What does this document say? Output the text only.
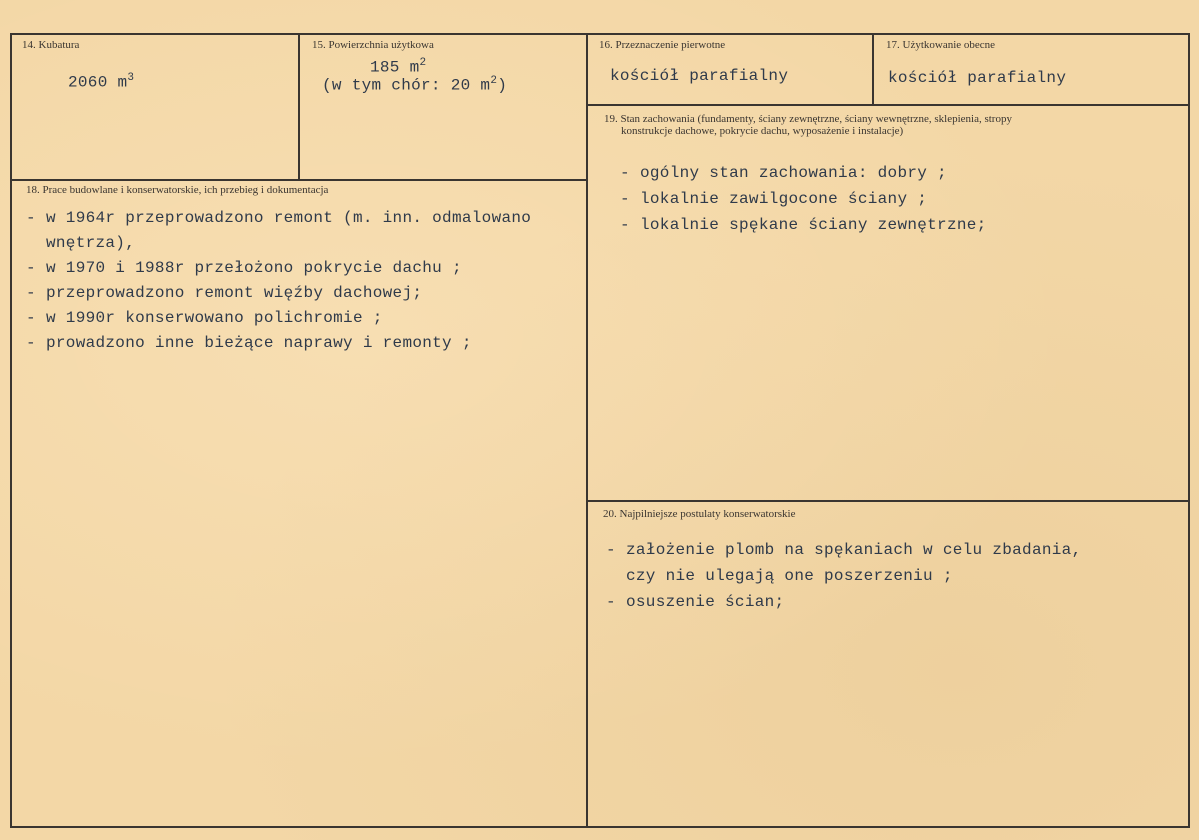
14. Kubatura
2060 $m^3$
15. Powierzchnia użytkowa
185 $m^2$
(w tym chór: 20 $m^2$)
16. Przeznaczenie pierwotne
kościół parafialny
17. Użytkowanie obecne
kościół parafialny
19. Stan zachowania (fundamenty, ściany zewnętrzne, ściany wewnętrzne, sklepienia, stropy
konstrukcje dachowe, pokrycie dachu, wyposażenie i instalacje)
- ogólny stan zachowania: dobry ;
- lokalnie zawilgocone ściany ;
- lokalnie spękane ściany zewnętrzne;
18. Prace budowlane i konserwatorskie, ich przebieg i dokumentacja
- w 1964r przeprowadzono remont (m. inn. odmalowano
wnętrza),
- w 1970 i 1988r przełożono pokrycie dachu ;
- przeprowadzono remont więźby dachowej;
- w 1990r konserwowano polichromie ;
- prowadzono inne bieżące naprawy i remonty ;
20. Najpilniejsze postulaty konserwatorskie
- założenie plomb na spękaniach w celu zbadania,
czy nie ulegają one poszerzeniu ;
- osuszenie ścian;
